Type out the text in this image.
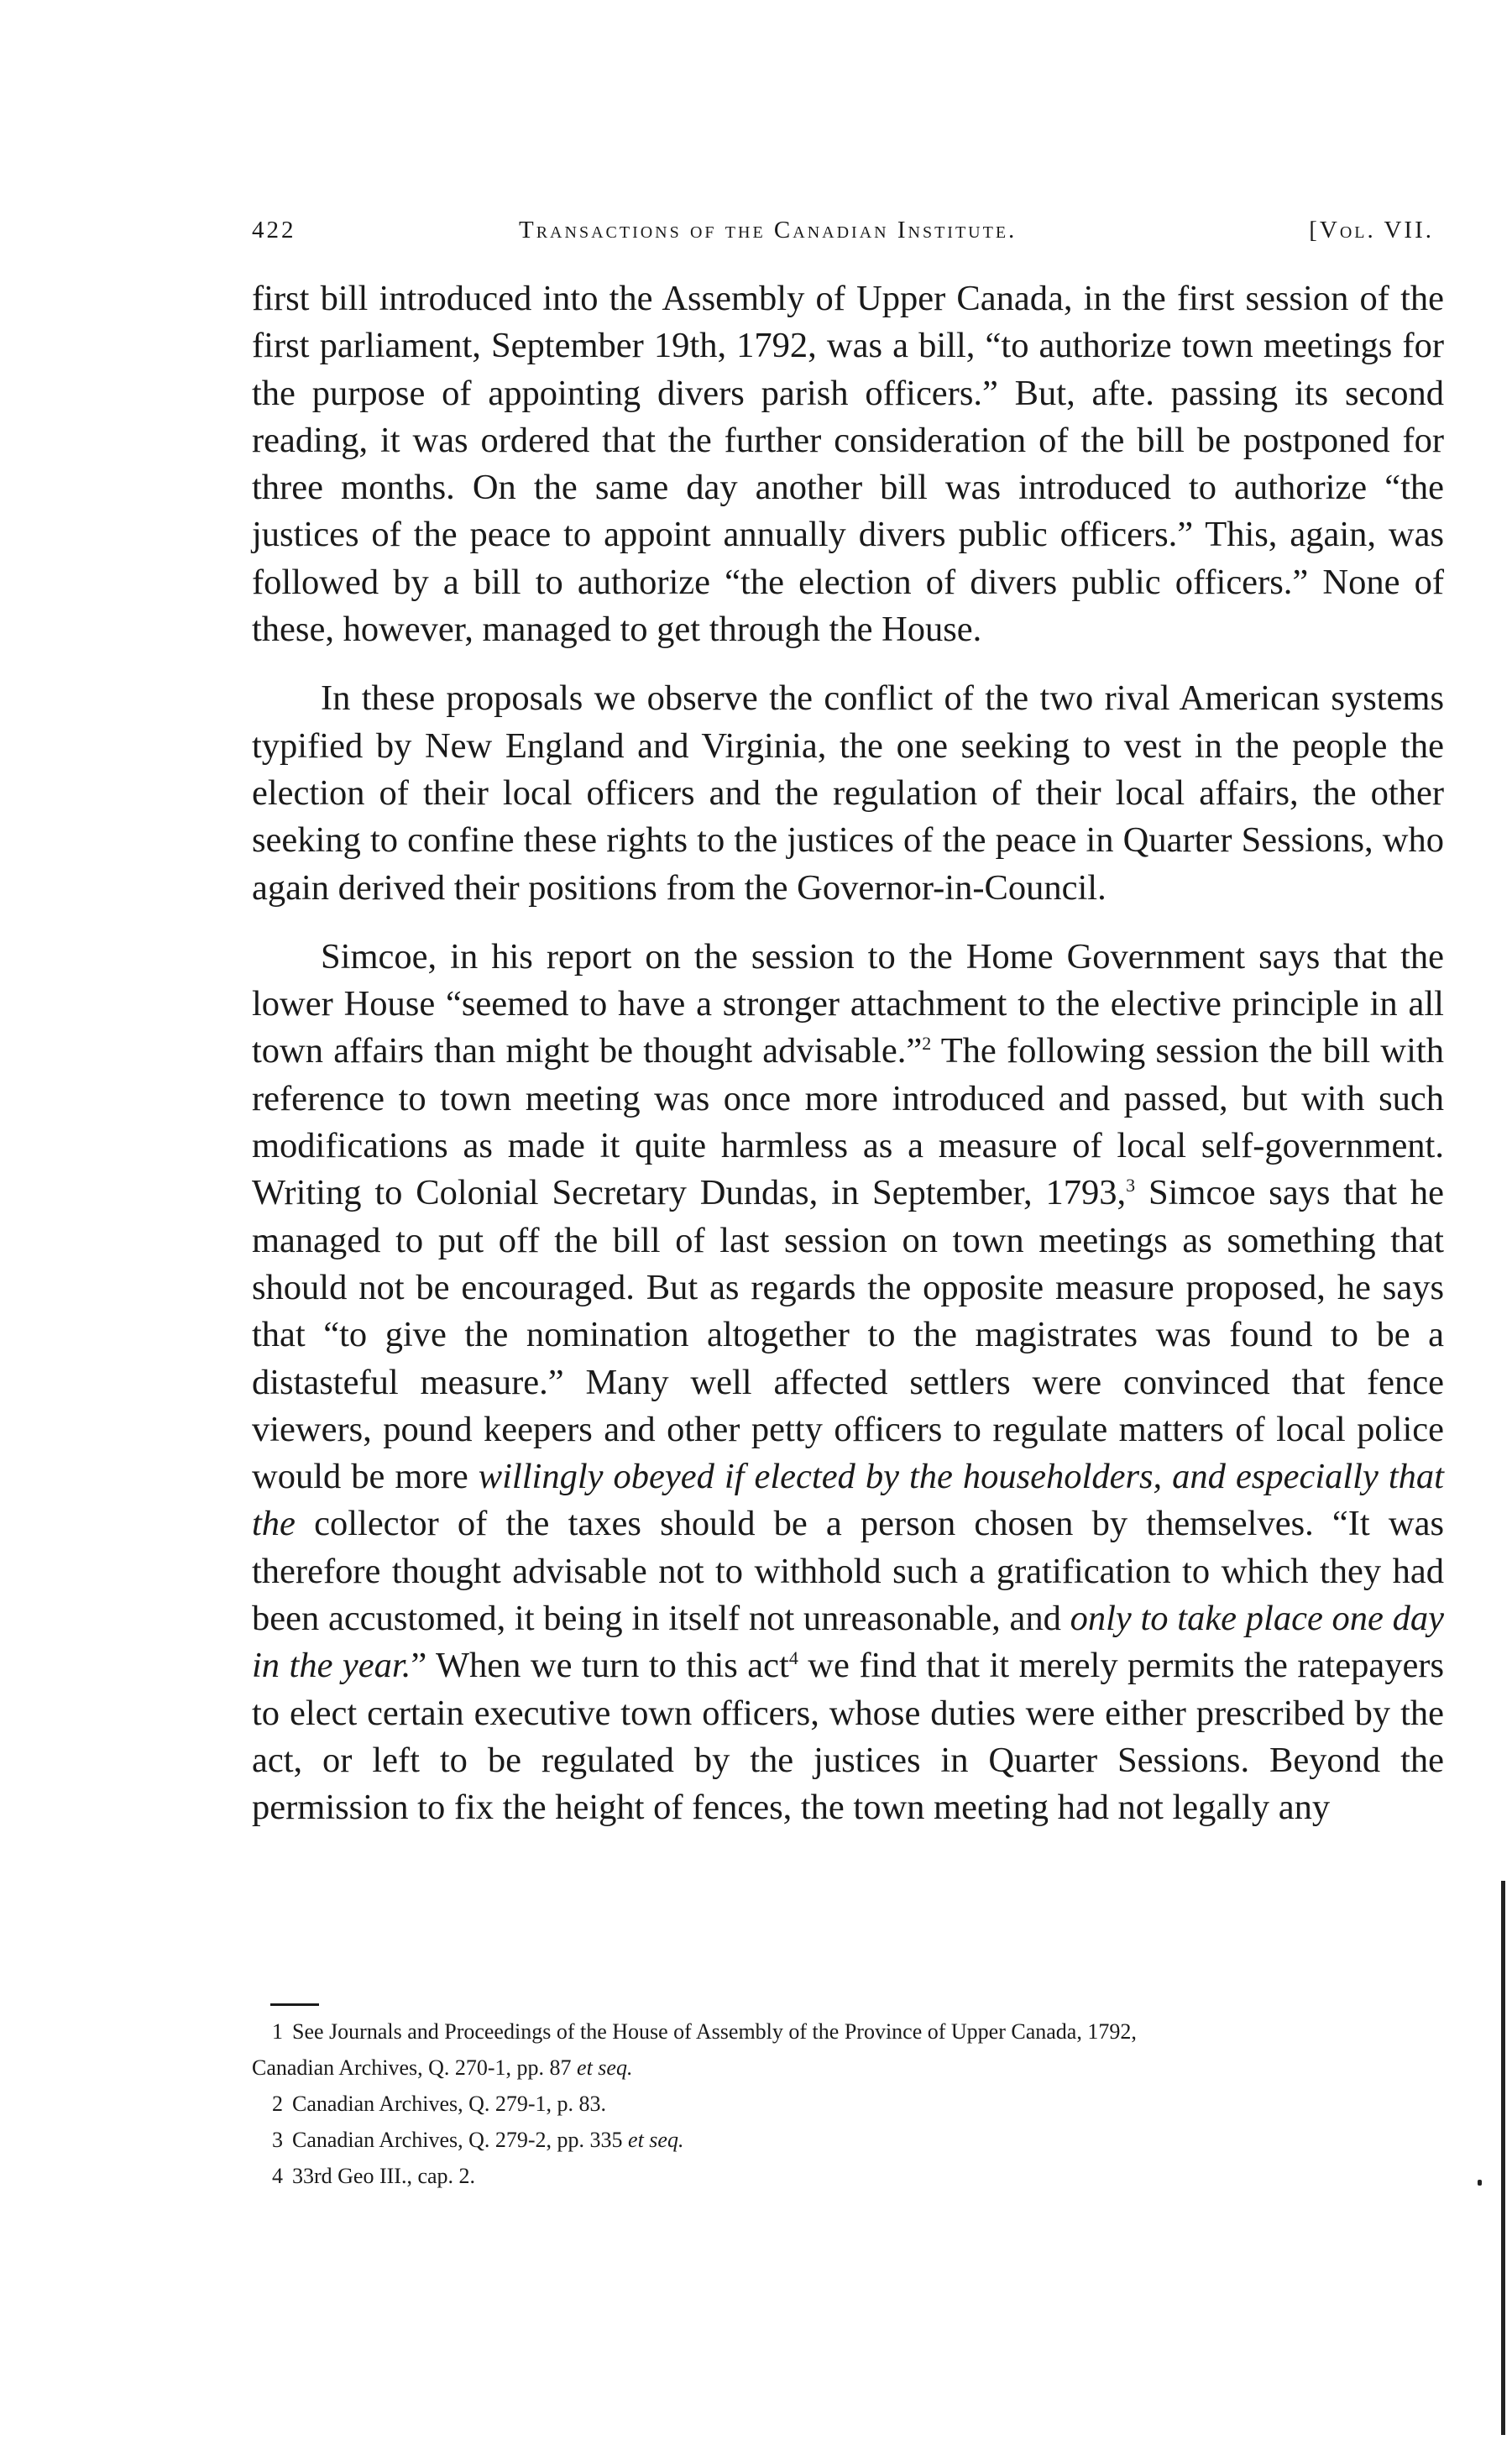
422	Transactions of the Canadian Institute.	[Vol. VII.

first bill introduced into the Assembly of Upper Canada, in the first session of the first parliament, September 19th, 1792, was a bill, “to authorize town meetings for the purpose of appointing divers parish officers.” But, afte. passing its second reading, it was ordered that the further consideration of the bill be postponed for three months. On the same day another bill was introduced to authorize “the justices of the peace to appoint annually divers public officers.” This, again, was followed by a bill to authorize “the election of divers public officers.” None of these, however, managed to get through the House.

In these proposals we observe the conflict of the two rival American systems typified by New England and Virginia, the one seeking to vest in the people the election of their local officers and the regulation of their local affairs, the other seeking to confine these rights to the justices of the peace in Quarter Sessions, who again derived their positions from the Governor-in-Council.

Simcoe, in his report on the session to the Home Government says that the lower House “seemed to have a stronger attachment to the elective principle in all town affairs than might be thought advisable.”$^2$ The following session the bill with reference to town meeting was once more introduced and passed, but with such modifications as made it quite harmless as a measure of local self-government. Writing to Colonial Secretary Dundas, in September, 1793,$^3$ Simcoe says that he managed to put off the bill of last session on town meetings as something that should not be encouraged. But as regards the opposite measure proposed, he says that “to give the nomination altogether to the magistrates was found to be a distasteful measure.” Many well affected settlers were convinced that fence viewers, pound keepers and other petty officers to regulate matters of local police would be more willingly obeyed if elected by the householders, and especially that the collector of the taxes should be a person chosen by themselves. “It was therefore thought advisable not to withhold such a gratification to which they had been accustomed, it being in itself not unreasonable, and only to take place one day in the year.” When we turn to this act$^4$ we find that it merely permits the ratepayers to elect certain executive town officers, whose duties were either prescribed by the act, or left to be regulated by the justices in Quarter Sessions. Beyond the permission to fix the height of fences, the town meeting had not legally any

1 See Journals and Proceedings of the House of Assembly of the Province of Upper Canada, 1792,

Canadian Archives, Q. 270-1, pp. 87 et seq.

2 Canadian Archives, Q. 279-1, p. 83.

3 Canadian Archives, Q. 279-2, pp. 335 et seq.

4 33rd Geo III., cap. 2.
